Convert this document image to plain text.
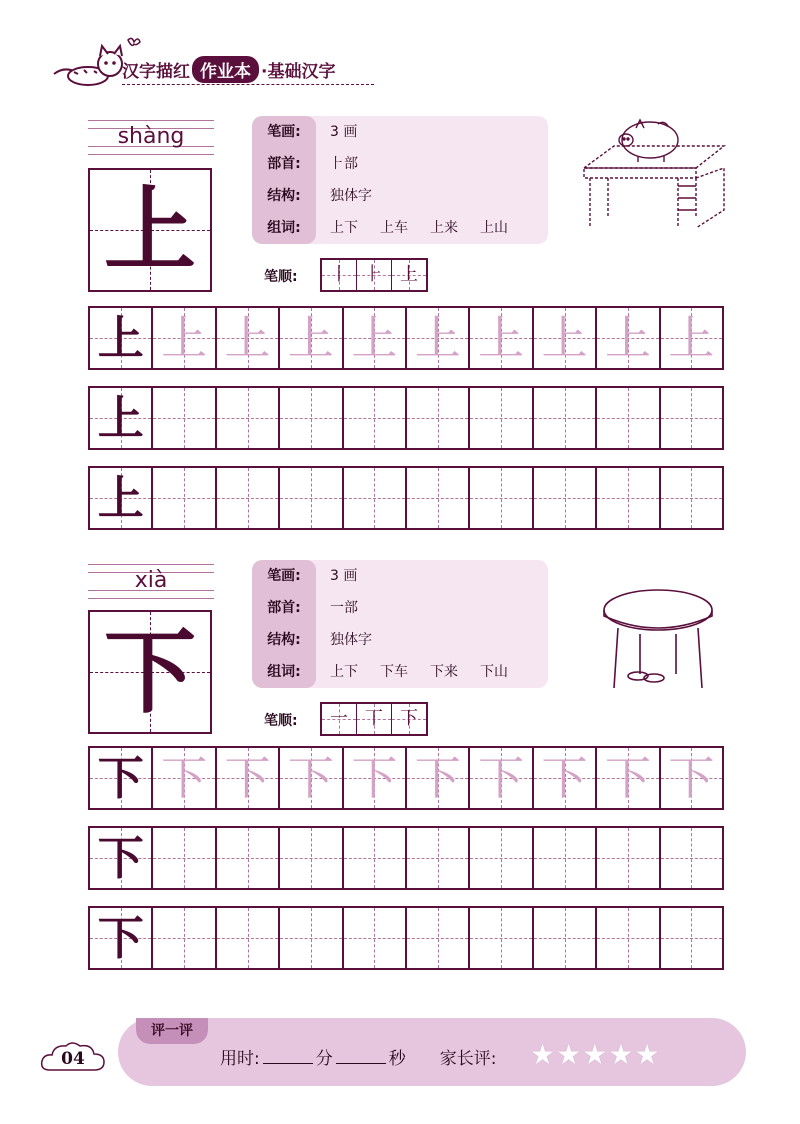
汉字描红 作业本 ·基础汉字
shàng
上
笔画: 3 画
部首: ⺊部
结构: 独体字
组词: 上下 上车 上来 上山
笔顺:	丨 ⺊ 上
上 上 上 上 上 上 上 上 上 上
上
上
xià
下
笔画: 3 画
部首: 一部
结构: 独体字
组词: 上下 下车 下来 下山
笔顺:	一 丅 下
下 下 下 下 下 下 下 下 下 下
下
下
评一评
用时:	分	秒 家长评: ★★★★★
04
